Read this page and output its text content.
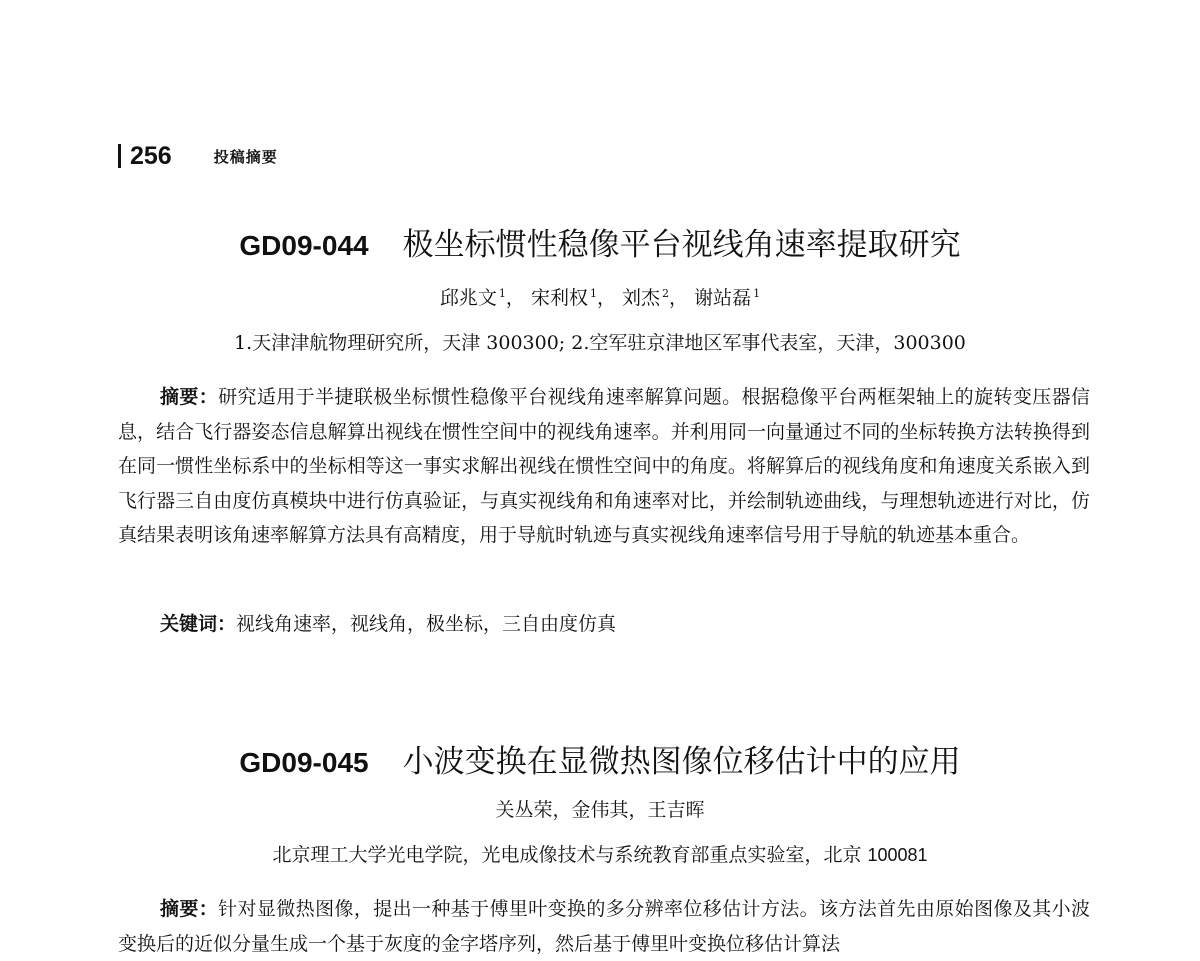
256	投稿摘要
GD09-044 极坐标惯性稳像平台视线角速率提取研究
邱兆文 $^1$， 宋利权 $^1$， 刘杰 $^2$， 谢站磊 $^1$
1.天津津航物理研究所，天津 300300; 2.空军驻京津地区军事代表室，天津，300300

摘要：研究适用于半捷联极坐标惯性稳像平台视线角速率解算问题。根据稳像平台两框架轴上的旋转变压器信息，结合飞行器姿态信息解算出视线在惯性空间中的视线角速率。并利用同一向量通过不同的坐标转换方法转换得到在同一惯性坐标系中的坐标相等这一事实求解出视线在惯性空间中的角度。将解算后的视线角度和角速度关系嵌入到飞行器三自由度仿真模块中进行仿真验证，与真实视线角和角速率对比，并绘制轨迹曲线，与理想轨迹进行对比，仿真结果表明该角速率解算方法具有高精度，用于导航时轨迹与真实视线角速率信号用于导航的轨迹基本重合。

关键词：视线角速率，视线角，极坐标，三自由度仿真
GD09-045 小波变换在显微热图像位移估计中的应用
关丛荣，金伟其，王吉晖
北京理工大学光电学院，光电成像技术与系统教育部重点实验室，北京 100081

摘要：针对显微热图像，提出一种基于傅里叶变换的多分辨率位移估计方法。该方法首先由原始图像及其小波变换后的近似分量生成一个基于灰度的金字塔序列，然后基于傅里叶变换位移估计算法
